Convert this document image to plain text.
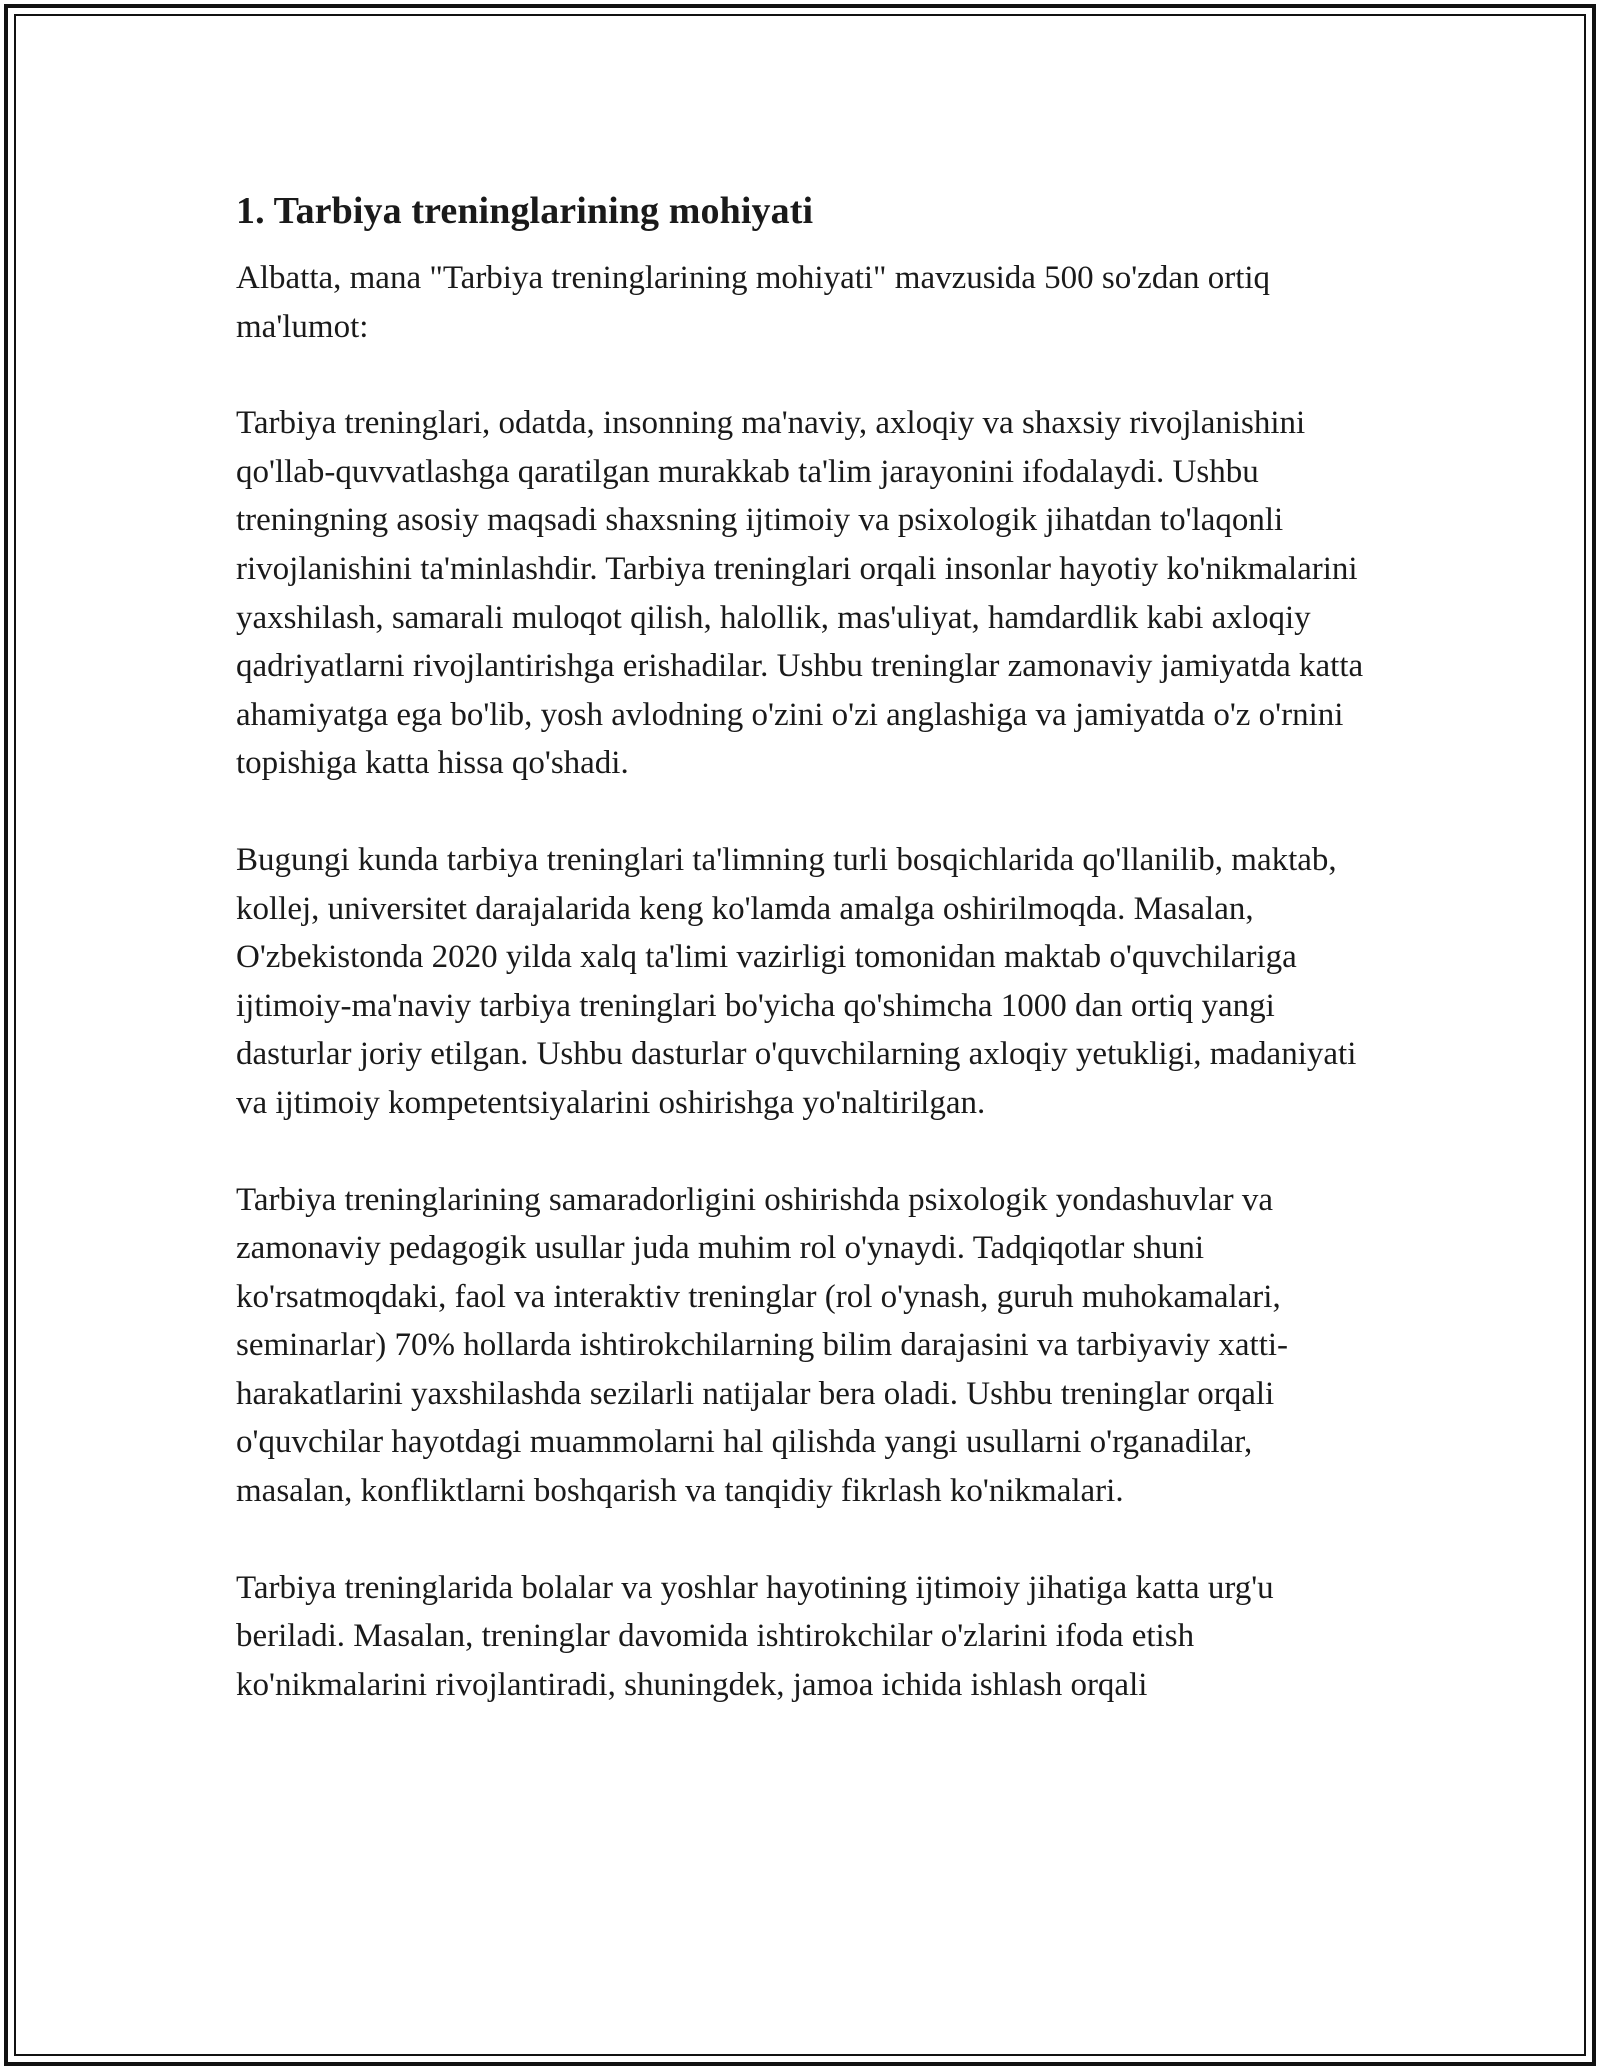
1. Tarbiya treninglarining mohiyati

Albatta, mana "Tarbiya treninglarining mohiyati" mavzusida 500 so'zdan ortiq ma'lumot:

Tarbiya treninglari, odatda, insonning ma'naviy, axloqiy va shaxsiy rivojlanishini qo'llab-quvvatlashga qaratilgan murakkab ta'lim jarayonini ifodalaydi. Ushbu treningning asosiy maqsadi shaxsning ijtimoiy va psixologik jihatdan to'laqonli rivojlanishini ta'minlashdir. Tarbiya treninglari orqali insonlar hayotiy ko'nikmalarini yaxshilash, samarali muloqot qilish, halollik, mas'uliyat, hamdardlik kabi axloqiy qadriyatlarni rivojlantirishga erishadilar. Ushbu treninglar zamonaviy jamiyatda katta ahamiyatga ega bo'lib, yosh avlodning o'zini o'zi anglashiga va jamiyatda o'z o'rnini topishiga katta hissa qo'shadi.

Bugungi kunda tarbiya treninglari ta'limning turli bosqichlarida qo'llanilib, maktab, kollej, universitet darajalarida keng ko'lamda amalga oshirilmoqda. Masalan, O'zbekistonda 2020 yilda xalq ta'limi vazirligi tomonidan maktab o'quvchilariga ijtimoiy-ma'naviy tarbiya treninglari bo'yicha qo'shimcha 1000 dan ortiq yangi dasturlar joriy etilgan. Ushbu dasturlar o'quvchilarning axloqiy yetukligi, madaniyati va ijtimoiy kompetentsiyalarini oshirishga yo'naltirilgan.

Tarbiya treninglarining samaradorligini oshirishda psixologik yondashuvlar va zamonaviy pedagogik usullar juda muhim rol o'ynaydi. Tadqiqotlar shuni ko'rsatmoqdaki, faol va interaktiv treninglar (rol o'ynash, guruh muhokamalari, seminarlar) 70% hollarda ishtirokchilarning bilim darajasini va tarbiyaviy xatti-harakatlarini yaxshilashda sezilarli natijalar bera oladi. Ushbu treninglar orqali o'quvchilar hayotdagi muammolarni hal qilishda yangi usullarni o'rganadilar, masalan, konfliktlarni boshqarish va tanqidiy fikrlash ko'nikmalari.

Tarbiya treninglarida bolalar va yoshlar hayotining ijtimoiy jihatiga katta urg'u beriladi. Masalan, treninglar davomida ishtirokchilar o'zlarini ifoda etish ko'nikmalarini rivojlantiradi, shuningdek, jamoa ichida ishlash orqali
